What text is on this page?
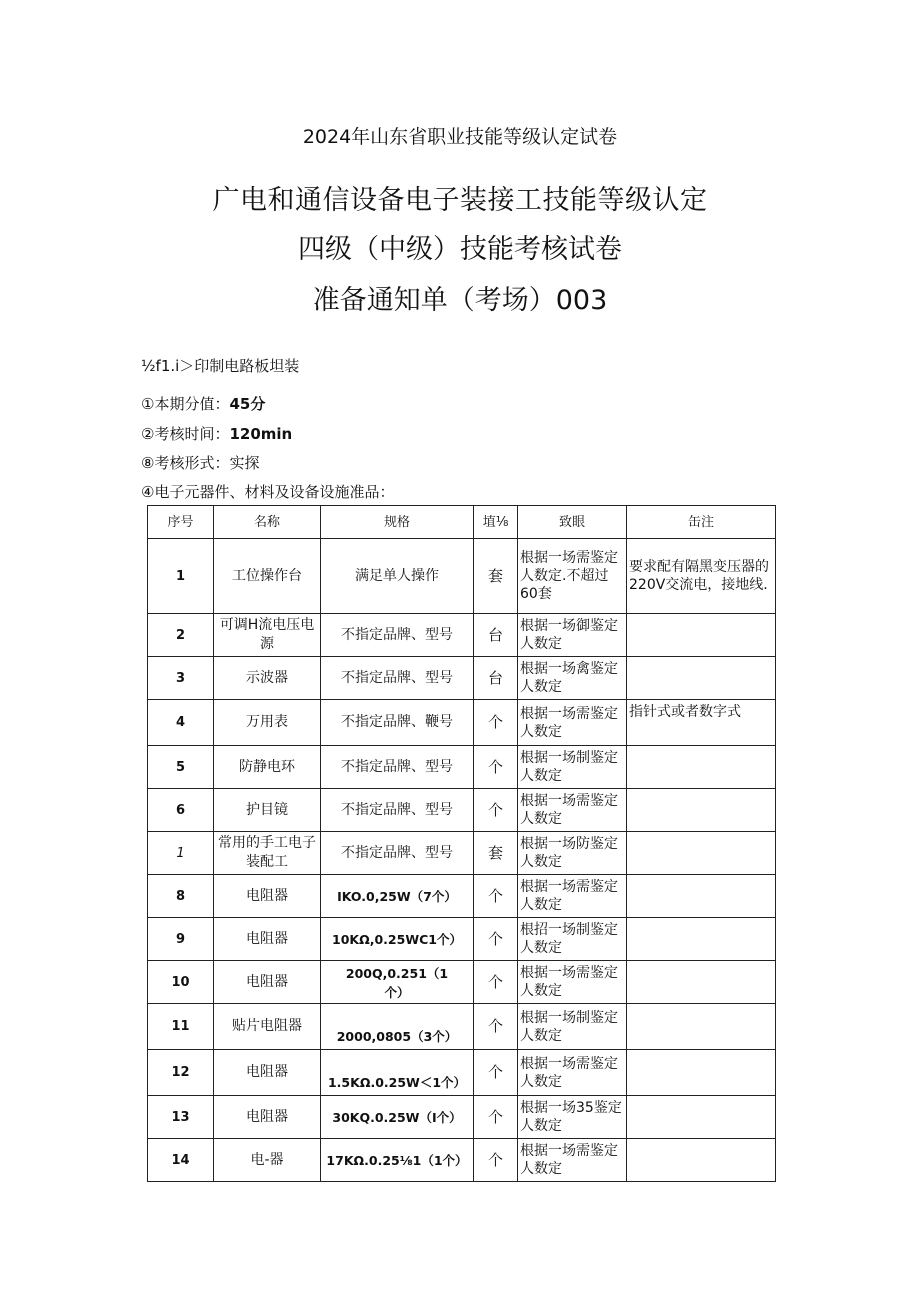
2024年山东省职业技能等级认定试卷
广电和通信设备电子装接工技能等级认定
四级（中级）技能考核试卷
准备通知单（考场）003
½f1.i＞印制电路板坦装
①本期分值：45分
②考核时间：120min
⑧考核形式：实探
④电子元器件、材料及设备设施准品：
序号	名称	规格	埴⅛	致眼	缶注
1	工位操作台	满足单人操作	套	根据一场需鉴定人数定.不超过60套	要求配有隔黑变压器的220V交流电，接地线.
2	可调H流电压电源	不指定品牌、型号	台	根据一场御鉴定人数定	

3	示波器	不指定品牌、型号	台	根据一场禽鉴定人数定	

4	万用表	不指定品牌、鞭号	个	根据一场需鉴定人数定	指针式或者数字式
5	防静电环	不指定品牌、型号	个	根据一场制鉴定人数定	

6	护目镜	不指定品牌、型号	个	根据一场需鉴定人数定	

1	常用的手工电子装配工	不指定品牌、型号	套	根据一场防鉴定人数定	

8	电阻器	IKO.0,25W（7个）	个	根据一场需鉴定人数定	

9	电阻器	10KΩ,0.25WC1个）	个	根招一场制鉴定人数定	

10	电阻器	200Q,0.251（1个）	个	根据一场需鉴定人数定	

11	贴片电阻器	2000,0805（3个）	个	根据一场制鉴定人数定	

12	电阻器	1.5KΩ.0.25W＜1个）	个	根据一场需鉴定人数定	

13	电阻器	30KQ.0.25W（I个）	个	根据一场35鉴定人数定	

14	电-器	17KΩ.0.25⅛1（1个）	个	根据一场需鉴定人数定	
